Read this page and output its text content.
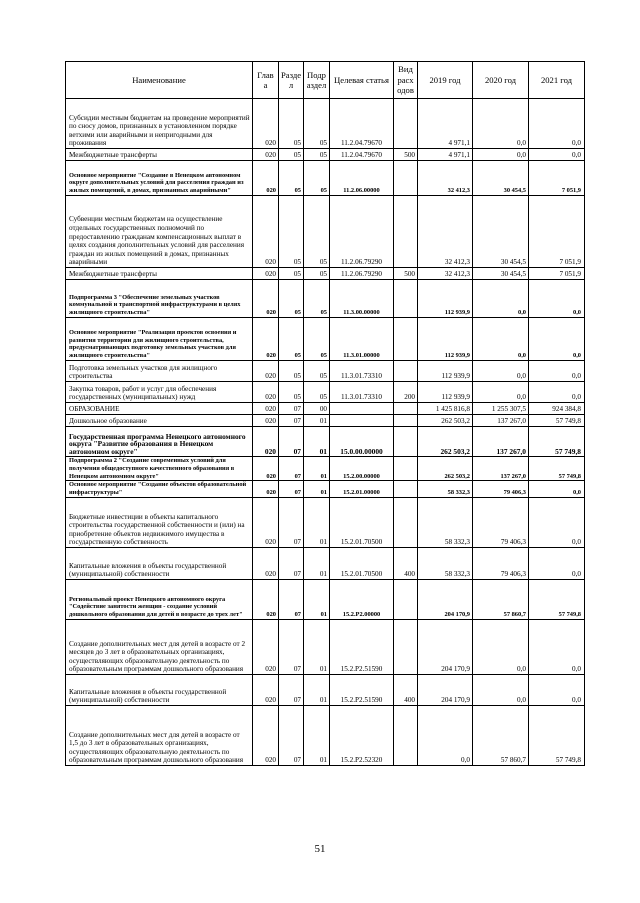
Наименование	Глав а	Разде л	Подр аздел	Целевая статья	Вид расх одов	2019 год	2020 год	2021 год
Субсидии местным бюджетам на проведение мероприятий по сносу домов, признанных в установленном порядке ветхими или аварийными и непригодными для проживания	020	05	05	11.2.04.79670		4 971,1	0,0	0,0
Межбюджетные трансферты	020	05	05	11.2.04.79670	500	4 971,1	0,0	0,0
Основное мероприятие "Создание в Ненецком автономном округе дополнительных условий для расселения граждан из жилых помещений, в домах, признанных аварийными"	020	05	05	11.2.06.00000		32 412,3	30 454,5	7 051,9
Субвенции местным бюджетам на осуществление отдельных государственных полномочий по предоставлению гражданам компенсационных выплат в целях создания дополнительных условий для расселения граждан из жилых помещений в домах, признанных аварийными	020	05	05	11.2.06.79290		32 412,3	30 454,5	7 051,9
Межбюджетные трансферты	020	05	05	11.2.06.79290	500	32 412,3	30 454,5	7 051,9
Подпрограмма 3 "Обеспечение земельных участков коммунальной и транспортной инфраструктурами в целях жилищного строительства"	020	05	05	11.3.00.00000		112 939,9	0,0	0,0
Основное мероприятие "Реализация проектов освоения и развития территории для жилищного строительства, предусматривающих подготовку земельных участков для жилищного строительства"	020	05	05	11.3.01.00000		112 939,9	0,0	0,0
Подготовка земельных участков для жилищного строительства	020	05	05	11.3.01.73310		112 939,9	0,0	0,0
Закупка товаров, работ и услуг для обеспечения государственных (муниципальных) нужд	020	05	05	11.3.01.73310	200	112 939,9	0,0	0,0
ОБРАЗОВАНИЕ	020	07	00			1 425 816,8	1 255 307,5	924 384,8
Дошкольное образование	020	07	01			262 503,2	137 267,0	57 749,8
Государственная программа Ненецкого автономного округа "Развитие образования в Ненецком автономном округе"	020	07	01	15.0.00.00000		262 503,2	137 267,0	57 749,8
Подпрограмма 2 "Создание современных условий для получения общедоступного качественного образования в Ненецком автономном округе"	020	07	01	15.2.00.00000		262 503,2	137 267,0	57 749,8
Основное мероприятие "Создание объектов образовательной инфраструктуры"	020	07	01	15.2.01.00000		58 332,3	79 406,3	0,0
Бюджетные инвестиции в объекты капитального строительства государственной собственности и (или) на приобретение объектов недвижимого имущества в государственную собственность	020	07	01	15.2.01.70500		58 332,3	79 406,3	0,0
Капитальные вложения в объекты государственной (муниципальной) собственности	020	07	01	15.2.01.70500	400	58 332,3	79 406,3	0,0
Региональный проект Ненецкого автономного округа "Содействие занятости женщин - создание условий дошкольного образования для детей в возрасте до трех лет"	020	07	01	15.2.P2.00000		204 170,9	57 860,7	57 749,8
Создание дополнительных мест для детей в возрасте от 2 месяцев до 3 лет в образовательных организациях, осуществляющих образовательную деятельность по образовательным программам дошкольного образования	020	07	01	15.2.P2.51590		204 170,9	0,0	0,0
Капитальные вложения в объекты государственной (муниципальной) собственности	020	07	01	15.2.P2.51590	400	204 170,9	0,0	0,0
Создание дополнительных мест для детей в возрасте от 1,5 до 3 лет в образовательных организациях, осуществляющих образовательную деятельность по образовательным программам дошкольного образования	020	07	01	15.2.P2.52320		0,0	57 860,7	57 749,8
51
